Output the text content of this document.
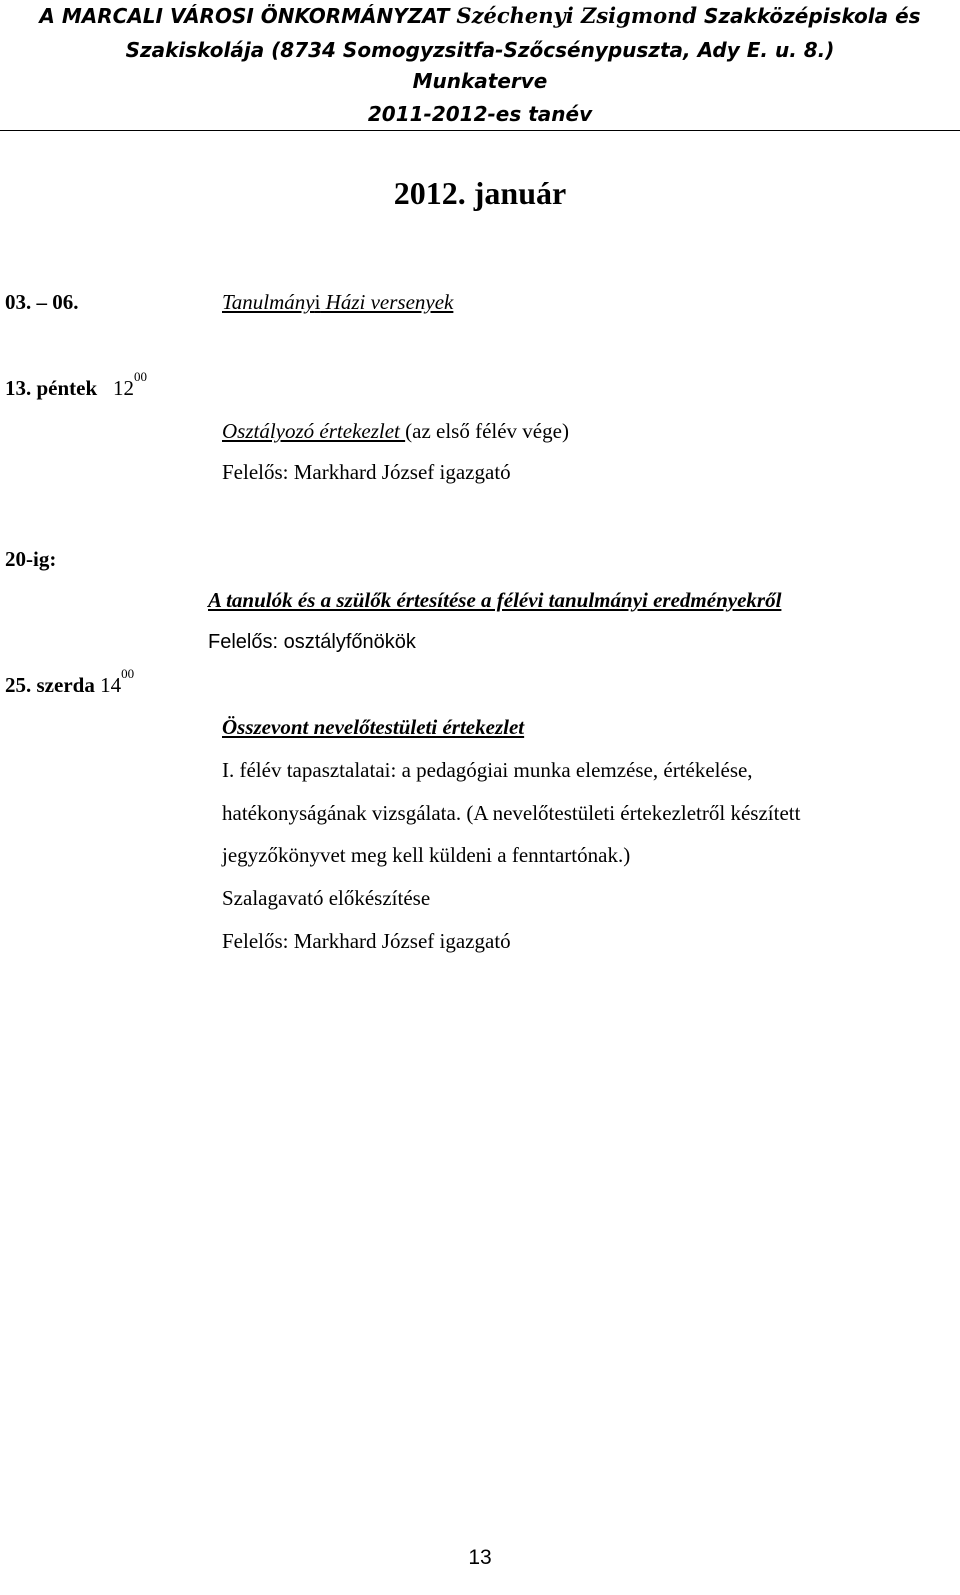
A MARCALI VÁROSI ÖNKORMÁNYZAT Széchenyi Zsigmond Szakközépiskola és
Szakiskolája (8734 Somogyzsitfa-Szőcsénypuszta, Ady E. u. 8.)
Munkaterve
2011-2012-es tanév
2012. január
03. – 06.	Tanulmányi Házi versenyek
13. péntek $12^{00}$
Osztályozó értekezlet (az első félév vége)
Felelős: Markhard József igazgató
20-ig:
A tanulók és a szülők értesítése a félévi tanulmányi eredményekről
Felelős: osztályfőnökök
25. szerda $14^{00}$
Összevont nevelőtestületi értekezlet
I. félév tapasztalatai: a pedagógiai munka elemzése, értékelése,
hatékonyságának vizsgálata. (A nevelőtestületi értekezletről készített
jegyzőkönyvet meg kell küldeni a fenntartónak.)
Szalagavató előkészítése
Felelős: Markhard József igazgató
13
